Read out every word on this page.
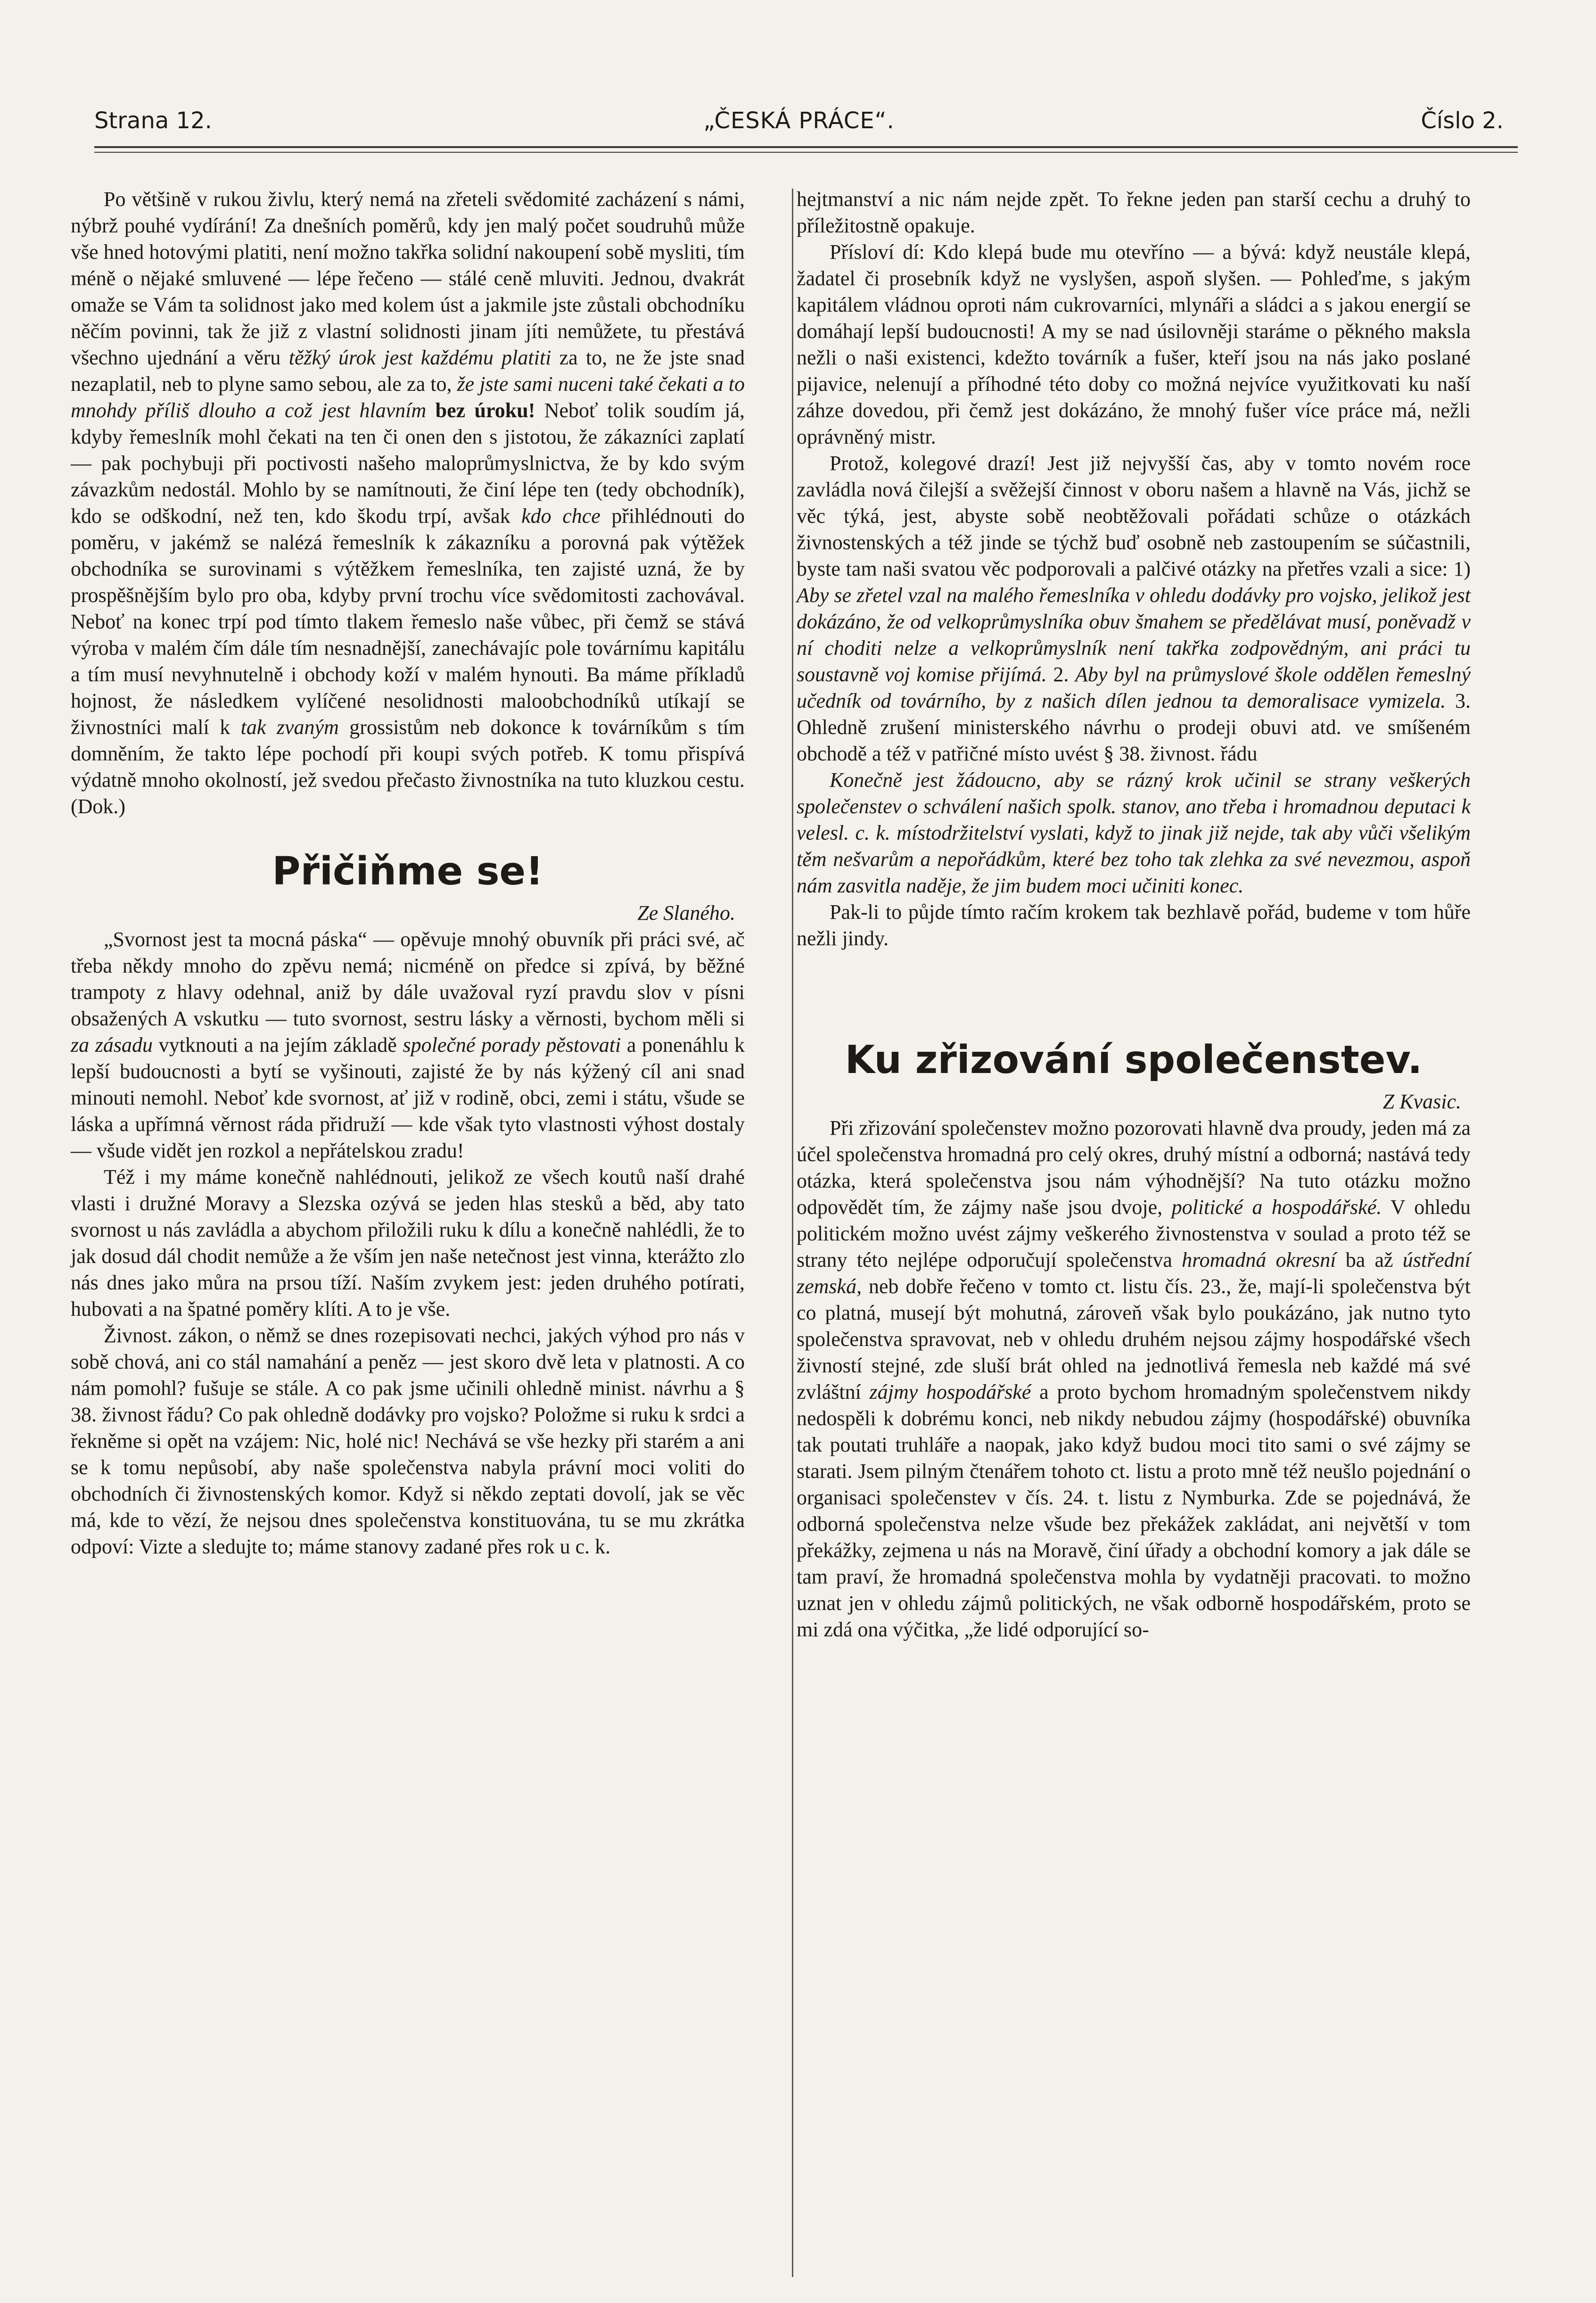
Strana 12.	„ČESKÁ PRÁCE“.	Číslo 2.

Po většině v rukou živlu, který nemá na zřeteli svědomité zacházení s námi, nýbrž pouhé vydírání! Za dnešních poměrů, kdy jen malý počet soudruhů může vše hned hotovými platiti, není možno takřka solidní nakoupení sobě mysliti, tím méně o nějaké smluvené — lépe řečeno — stálé ceně mluviti. Jednou, dvakrát omaže se Vám ta solidnost jako med kolem úst a jakmile jste zůstali obchodníku něčím povinni, tak že již z vlastní solidnosti jinam jíti nemůžete, tu přestává všechno ujednání a věru těžký úrok jest každému platiti za to, ne že jste snad nezaplatil, neb to plyne samo sebou, ale za to, že jste sami nuceni také čekati a to mnohdy příliš dlouho a což jest hlavním bez úroku! Neboť tolik soudím já, kdyby řemeslník mohl čekati na ten či onen den s jistotou, že zákazníci zaplatí — pak pochybuji při poctivosti našeho maloprůmyslnictva, že by kdo svým závazkům nedostál. Mohlo by se namítnouti, že činí lépe ten (tedy obchodník), kdo se odškodní, než ten, kdo škodu trpí, avšak kdo chce přihlédnouti do poměru, v jakémž se nalézá řemeslník k zákazníku a porovná pak výtěžek obchodníka se surovinami s výtěžkem řemeslníka, ten zajisté uzná, že by prospěšnějším bylo pro oba, kdyby první trochu více svědomitosti zachovával. Neboť na konec trpí pod tímto tlakem řemeslo naše vůbec, při čemž se stává výroba v malém čím dále tím nesnadnější, zanechávajíc pole továrnímu kapitálu a tím musí nevyhnutelně i obchody koží v malém hynouti. Ba máme příkladů hojnost, že následkem vylíčené nesolidnosti maloobchodníků utíkají se živnostníci malí k tak zvaným grossistům neb dokonce k továrníkům s tím domněním, že takto lépe pochodí při koupi svých potřeb. K tomu přispívá výdatně mnoho okolností, jež svedou přečasto živnostníka na tuto kluzkou cestu. (Dok.)

Přičiňme se!
Ze Slaného.

„Svornost jest ta mocná páska“ — opěvuje mnohý obuvník při práci své, ač třeba někdy mnoho do zpěvu nemá; nicméně on předce si zpívá, by běžné trampoty z hlavy odehnal, aniž by dále uvažoval ryzí pravdu slov v písni obsažených A vskutku — tuto svornost, sestru lásky a věrnosti, bychom měli si za zásadu vytknouti a na jejím základě společné porady pěstovati a ponenáhlu k lepší budoucnosti a bytí se vyšinouti, zajisté že by nás kýžený cíl ani snad minouti nemohl. Neboť kde svornost, ať již v rodině, obci, zemi i státu, všude se láska a upřímná věrnost ráda přidruží — kde však tyto vlastnosti výhost dostaly — všude vidět jen rozkol a nepřátelskou zradu!

Též i my máme konečně nahlédnouti, jelikož ze všech koutů naší drahé vlasti i družné Moravy a Slezska ozývá se jeden hlas stesků a běd, aby tato svornost u nás zavládla a abychom přiložili ruku k dílu a konečně nahlédli, že to jak dosud dál chodit nemůže a že vším jen naše netečnost jest vinna, kterážto zlo nás dnes jako můra na prsou tíží. Naším zvykem jest: jeden druhého potírati, hubovati a na špatné poměry klíti. A to je vše.

Živnost. zákon, o němž se dnes rozepisovati nechci, jakých výhod pro nás v sobě chová, ani co stál namahání a peněz — jest skoro dvě leta v platnosti. A co nám pomohl? fušuje se stále. A co pak jsme učinili ohledně minist. návrhu a § 38. živnost řádu? Co pak ohledně dodávky pro vojsko? Položme si ruku k srdci a řekněme si opět na vzájem: Nic, holé nic! Nechává se vše hezky při starém a ani se k tomu nepůsobí, aby naše společenstva nabyla právní moci voliti do obchodních či živnostenských komor. Když si někdo zeptati dovolí, jak se věc má, kde to vězí, že nejsou dnes společenstva konstituována, tu se mu zkrátka odpoví: Vizte a sledujte to; máme stanovy zadané přes rok u c. k.

hejtmanství a nic nám nejde zpět. To řekne jeden pan starší cechu a druhý to příležitostně opakuje.

Přísloví dí: Kdo klepá bude mu otevříno — a bývá: když neustále klepá, žadatel či prosebník když ne vyslyšen, aspoň slyšen. — Pohleďme, s jakým kapitálem vládnou oproti nám cukrovarníci, mlynáři a sládci a s jakou energií se domáhají lepší budoucnosti! A my se nad úsilovněji staráme o pěkného maksla nežli o naši existenci, kdežto továrník a fušer, kteří jsou na nás jako poslané pijavice, nelenují a příhodné této doby co možná nejvíce využitkovati ku naší záhze dovedou, při čemž jest dokázáno, že mnohý fušer více práce má, nežli oprávněný mistr.

Protož, kolegové drazí! Jest již nejvyšší čas, aby v tomto novém roce zavládla nová čilejší a svěžejší činnost v oboru našem a hlavně na Vás, jichž se věc týká, jest, abyste sobě neobtěžovali pořádati schůze o otázkách živnostenských a též jinde se týchž buď osobně neb zastoupením se súčastnili, byste tam naši svatou věc podporovali a palčivé otázky na přetřes vzali a sice: 1) Aby se zřetel vzal na malého řemeslníka v ohledu dodávky pro vojsko, jelikož jest dokázáno, že od velkoprůmyslníka obuv šmahem se předělávat musí, poněvadž v ní choditi nelze a velkoprůmyslník není takřka zodpovědným, ani práci tu soustavně voj komise přijímá. 2. Aby byl na průmyslové škole oddělen řemeslný učedník od továrního, by z našich dílen jednou ta demoralisace vymizela. 3. Ohledně zrušení ministerského návrhu o prodeji obuvi atd. ve smíšeném obchodě a též v patřičné místo uvést § 38. živnost. řádu

Konečně jest žádoucno, aby se rázný krok učinil se strany veškerých společenstev o schválení našich spolk. stanov, ano třeba i hromadnou deputaci k velesl. c. k. místodržitelství vyslati, když to jinak již nejde, tak aby vůči všelikým těm nešvarům a nepořádkům, které bez toho tak zlehka za své nevezmou, aspoň nám zasvitla naděje, že jim budem moci učiniti konec.

Pak-li to půjde tímto račím krokem tak bezhlavě pořád, budeme v tom hůře nežli jindy.

Ku zřizování společenstev.
Z Kvasic.

Při zřizování společenstev možno pozorovati hlavně dva proudy, jeden má za účel společenstva hromadná pro celý okres, druhý místní a odborná; nastává tedy otázka, která společenstva jsou nám výhodnější? Na tuto otázku možno odpovědět tím, že zájmy naše jsou dvoje, politické a hospodářské. V ohledu politickém možno uvést zájmy veškerého živnostenstva v soulad a proto též se strany této nejlépe odporučují společenstva hromadná okresní ba až ústřední zemská, neb dobře řečeno v tomto ct. listu čís. 23., že, mají-li společenstva být co platná, musejí být mohutná, zároveň však bylo poukázáno, jak nutno tyto společenstva spravovat, neb v ohledu druhém nejsou zájmy hospodářské všech živností stejné, zde sluší brát ohled na jednotlivá řemesla neb každé má své zvláštní zájmy hospodářské a proto bychom hromadným společenstvem nikdy nedospěli k dobrému konci, neb nikdy nebudou zájmy (hospodářské) obuvníka tak poutati truhláře a naopak, jako když budou moci tito sami o své zájmy se starati. Jsem pilným čtenářem tohoto ct. listu a proto mně též neušlo pojednání o organisaci společenstev v čís. 24. t. listu z Nymburka. Zde se pojednává, že odborná společenstva nelze všude bez překážek zakládat, ani největší v tom překážky, zejmena u nás na Moravě, činí úřady a obchodní komory a jak dále se tam praví, že hromadná společenstva mohla by vydatněji pracovati. to možno uznat jen v ohledu zájmů politických, ne však odborně hospodářském, proto se mi zdá ona výčitka, „že lidé odporující so-
